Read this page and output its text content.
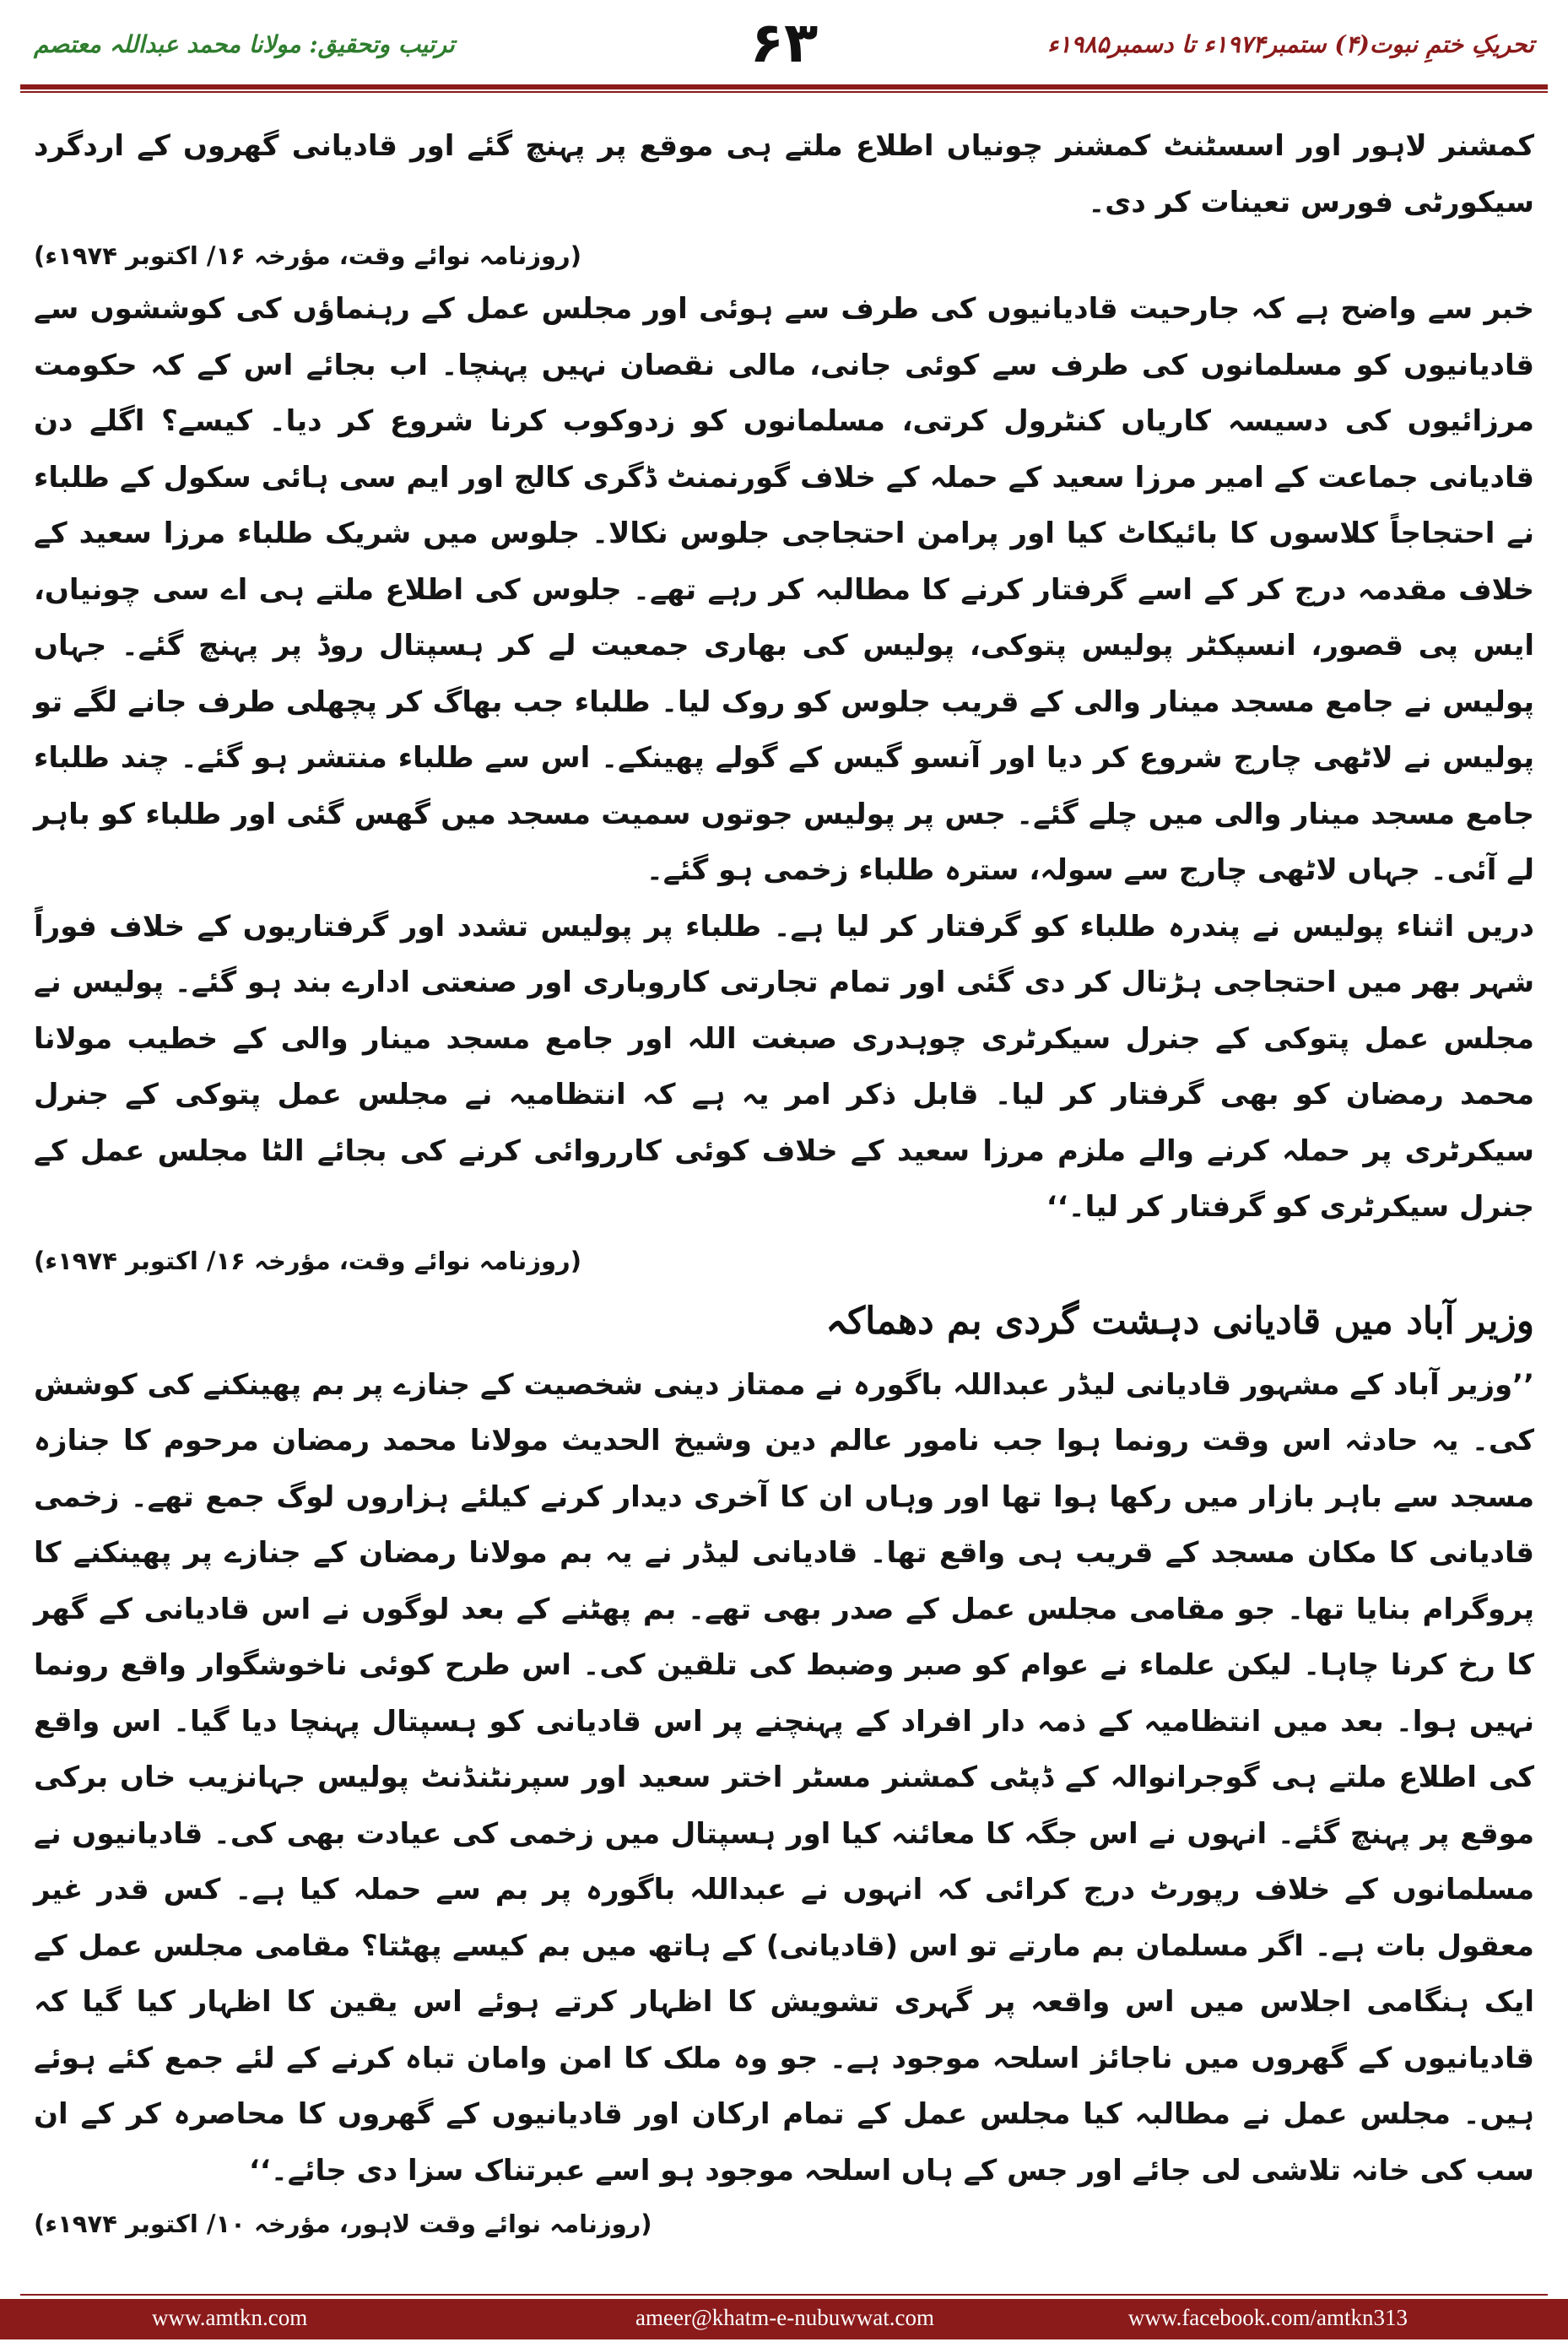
ترتیب وتحقیق: مولانا محمد عبداللہ معتصم	۶۳	تحریکِ ختمِ نبوت(۴) ستمبر۱۹۷۴ء تا دسمبر۱۹۸۵ء

کمشنر لاہور اور اسسٹنٹ کمشنر چونیاں اطلاع ملتے ہی موقع پر پہنچ گئے اور قادیانی گھروں کے اردگرد سیکورٹی فورس تعینات کر دی۔

(روزنامہ نوائے وقت، مؤرخہ ۱۶/ اکتوبر ۱۹۷۴ء)

خبر سے واضح ہے کہ جارحیت قادیانیوں کی طرف سے ہوئی اور مجلس عمل کے رہنماؤں کی کوششوں سے قادیانیوں کو مسلمانوں کی طرف سے کوئی جانی، مالی نقصان نہیں پہنچا۔ اب بجائے اس کے کہ حکومت مرزائیوں کی دسیسہ کاریاں کنٹرول کرتی، مسلمانوں کو زدوکوب کرنا شروع کر دیا۔ کیسے؟ اگلے دن قادیانی جماعت کے امیر مرزا سعید کے حملہ کے خلاف گورنمنٹ ڈگری کالج اور ایم سی ہائی سکول کے طلباء نے احتجاجاً کلاسوں کا بائیکاٹ کیا اور پرامن احتجاجی جلوس نکالا۔ جلوس میں شریک طلباء مرزا سعید کے خلاف مقدمہ درج کر کے اسے گرفتار کرنے کا مطالبہ کر رہے تھے۔ جلوس کی اطلاع ملتے ہی اے سی چونیاں، ایس پی قصور، انسپکٹر پولیس پتوکی، پولیس کی بھاری جمعیت لے کر ہسپتال روڈ پر پہنچ گئے۔ جہاں پولیس نے جامع مسجد مینار والی کے قریب جلوس کو روک لیا۔ طلباء جب بھاگ کر پچھلی طرف جانے لگے تو پولیس نے لاٹھی چارج شروع کر دیا اور آنسو گیس کے گولے پھینکے۔ اس سے طلباء منتشر ہو گئے۔ چند طلباء جامع مسجد مینار والی میں چلے گئے۔ جس پر پولیس جوتوں سمیت مسجد میں گھس گئی اور طلباء کو باہر لے آئی۔ جہاں لاٹھی چارج سے سولہ، سترہ طلباء زخمی ہو گئے۔

دریں اثناء پولیس نے پندرہ طلباء کو گرفتار کر لیا ہے۔ طلباء پر پولیس تشدد اور گرفتاریوں کے خلاف فوراً شہر بھر میں احتجاجی ہڑتال کر دی گئی اور تمام تجارتی کاروباری اور صنعتی ادارے بند ہو گئے۔ پولیس نے مجلس عمل پتوکی کے جنرل سیکرٹری چوہدری صبغت اللہ اور جامع مسجد مینار والی کے خطیب مولانا محمد رمضان کو بھی گرفتار کر لیا۔ قابل ذکر امر یہ ہے کہ انتظامیہ نے مجلس عمل پتوکی کے جنرل سیکرٹری پر حملہ کرنے والے ملزم مرزا سعید کے خلاف کوئی کارروائی کرنے کی بجائے الٹا مجلس عمل کے جنرل سیکرٹری کو گرفتار کر لیا۔‘‘

(روزنامہ نوائے وقت، مؤرخہ ۱۶/ اکتوبر ۱۹۷۴ء)

وزیر آباد میں قادیانی دہشت گردی بم دھماکہ

’’وزیر آباد کے مشہور قادیانی لیڈر عبداللہ باگورہ نے ممتاز دینی شخصیت کے جنازے پر بم پھینکنے کی کوشش کی۔ یہ حادثہ اس وقت رونما ہوا جب نامور عالم دین وشیخ الحدیث مولانا محمد رمضان مرحوم کا جنازہ مسجد سے باہر بازار میں رکھا ہوا تھا اور وہاں ان کا آخری دیدار کرنے کیلئے ہزاروں لوگ جمع تھے۔ زخمی قادیانی کا مکان مسجد کے قریب ہی واقع تھا۔ قادیانی لیڈر نے یہ بم مولانا رمضان کے جنازے پر پھینکنے کا پروگرام بنایا تھا۔ جو مقامی مجلس عمل کے صدر بھی تھے۔ بم پھٹنے کے بعد لوگوں نے اس قادیانی کے گھر کا رخ کرنا چاہا۔ لیکن علماء نے عوام کو صبر وضبط کی تلقین کی۔ اس طرح کوئی ناخوشگوار واقع رونما نہیں ہوا۔ بعد میں انتظامیہ کے ذمہ دار افراد کے پہنچنے پر اس قادیانی کو ہسپتال پہنچا دیا گیا۔ اس واقع کی اطلاع ملتے ہی گوجرانوالہ کے ڈپٹی کمشنر مسٹر اختر سعید اور سپرنٹنڈنٹ پولیس جہانزیب خاں برکی موقع پر پہنچ گئے۔ انہوں نے اس جگہ کا معائنہ کیا اور ہسپتال میں زخمی کی عیادت بھی کی۔ قادیانیوں نے مسلمانوں کے خلاف رپورٹ درج کرائی کہ انہوں نے عبداللہ باگورہ پر بم سے حملہ کیا ہے۔ کس قدر غیر معقول بات ہے۔ اگر مسلمان بم مارتے تو اس (قادیانی) کے ہاتھ میں بم کیسے پھٹتا؟ مقامی مجلس عمل کے ایک ہنگامی اجلاس میں اس واقعہ پر گہری تشویش کا اظہار کرتے ہوئے اس یقین کا اظہار کیا گیا کہ قادیانیوں کے گھروں میں ناجائز اسلحہ موجود ہے۔ جو وہ ملک کا امن وامان تباہ کرنے کے لئے جمع کئے ہوئے ہیں۔ مجلس عمل نے مطالبہ کیا مجلس عمل کے تمام ارکان اور قادیانیوں کے گھروں کا محاصرہ کر کے ان سب کی خانہ تلاشی لی جائے اور جس کے ہاں اسلحہ موجود ہو اسے عبرتناک سزا دی جائے۔‘‘

(روزنامہ نوائے وقت لاہور، مؤرخہ ۱۰/ اکتوبر ۱۹۷۴ء)

www.amtkn.com	ameer@khatm-e-nubuwwat.com	www.facebook.com/amtkn313
